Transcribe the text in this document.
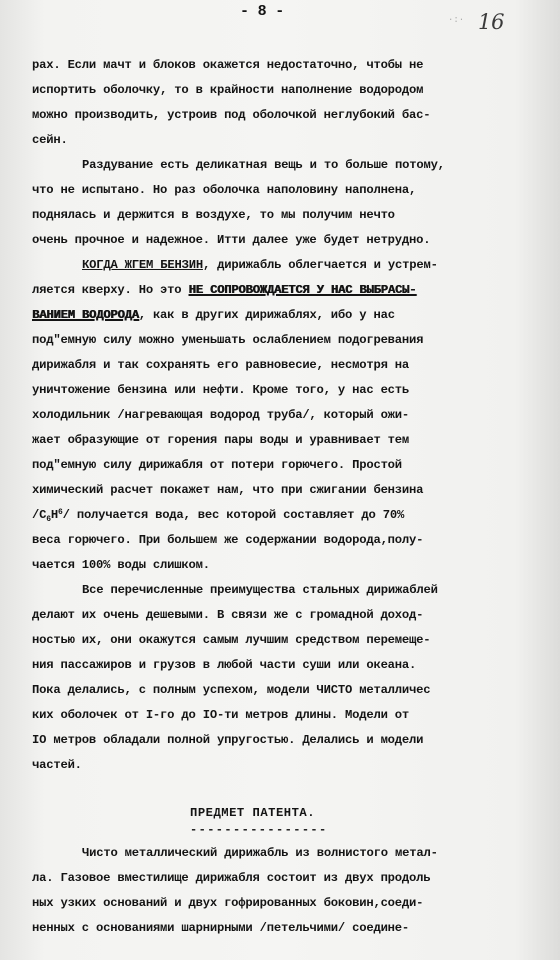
- 8 -	·:· 16
рах. Если мачт и блоков окажется недостаточно, чтобы не
испортить оболочку, то в крайности наполнение водородом
можно производить, устроив под оболочкой неглубокий бас-
сейн.
Раздувание есть деликатная вещь и то больше потому,
что не испытано. Но раз оболочка наполовину наполнена,
поднялась и держится в воздухе, то мы получим нечто
очень прочное и надежное. Итти далее уже будет нетрудно.
КОГДА ЖГЕМ БЕНЗИН, дирижабль облегчается и устрем-
ляется кверху. Но это НЕ СОПРОВОЖДАЕТСЯ У НАС ВЫБРАСЫ-
ВАНИЕМ ВОДОРОДА, как в других дирижаблях, ибо у нас
под"емную силу можно уменьшать ослаблением подогревания
дирижабля и так сохранять его равновесие, несмотря на
уничтожение бензина или нефти. Кроме того, у нас есть
холодильник /нагревающая водород труба/, который ожи-
жает образующие от горения пары воды и уравнивает тем
под"емную силу дирижабля от потери горючего. Простой
химический расчет покажет нам, что при сжигании бензина
$/C_6H^6/$ получается вода, вес которой составляет до 70%
веса горючего. При большем же содержании водорода,полу-
чается 100% воды слишком.
Все перечисленные преимущества стальных дирижаблей
делают их очень дешевыми. В связи же с громадной доход-
ностью их, они окажутся самым лучшим средством перемеще-
ния пассажиров и грузов в любой части суши или океана.
Пока делались, с полным успехом, модели ЧИСТО металличес
ких оболочек от I-го до IO-ти метров длины. Модели от
IO метров обладали полной упругостью. Делались и модели
частей.
ПРЕДМЕТ ПАТЕНТА.
----------------
Чисто металлический дирижабль из волнистого метал-
ла. Газовое вместилище дирижабля состоит из двух продоль
ных узких оснований и двух гофрированных боковин,соеди-
ненных с основаниями шарнирными /петельчими/ соедине-
